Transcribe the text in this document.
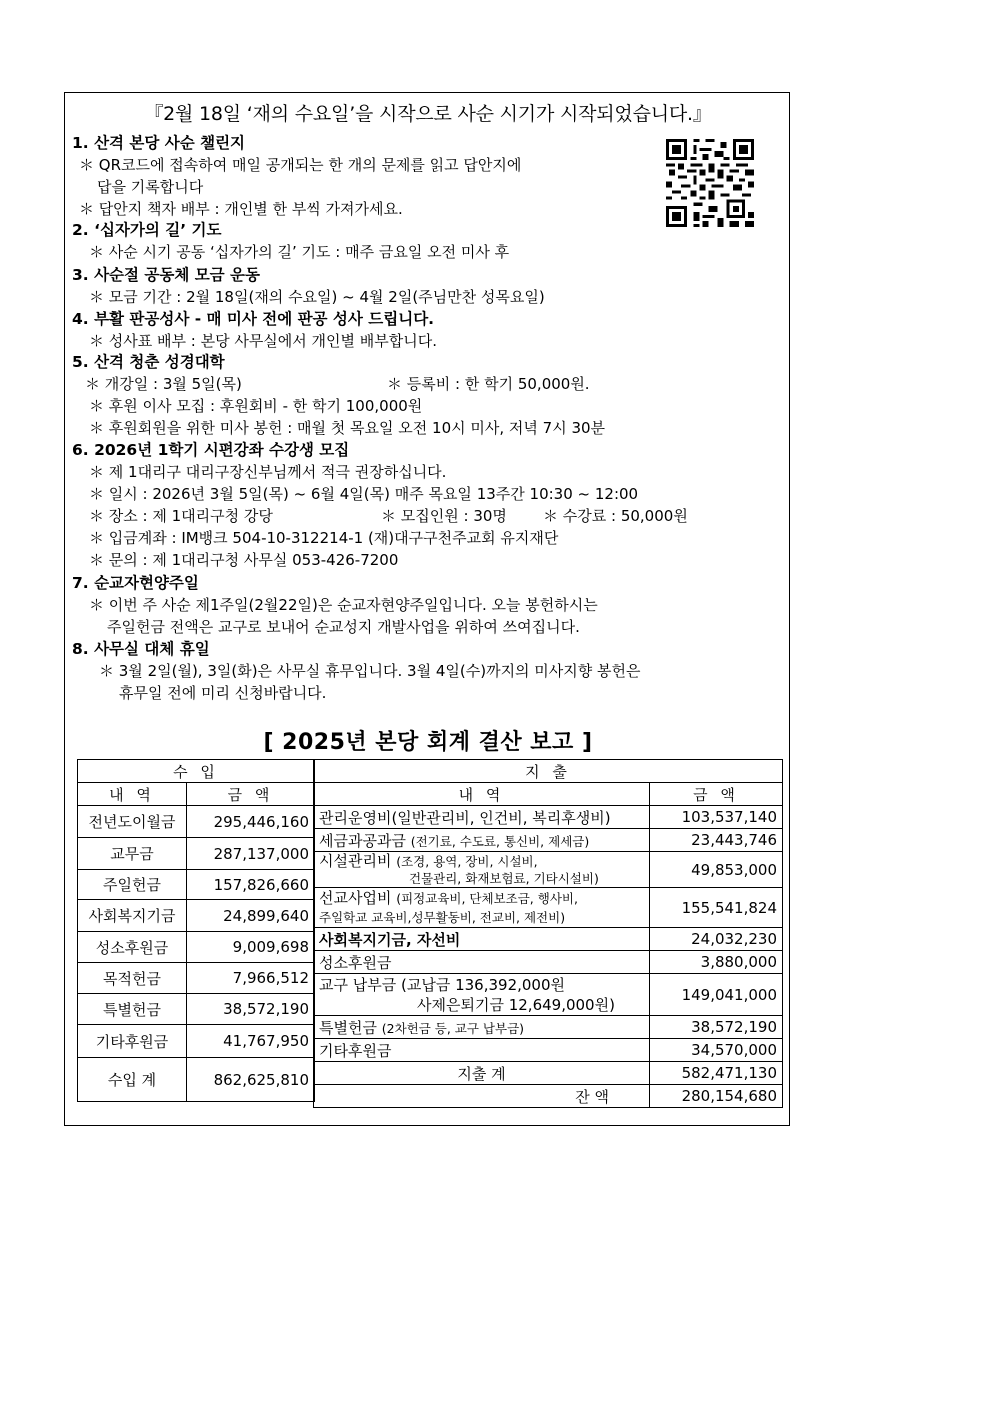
『2월 18일 ‘재의 수요일’을 시작으로 사순 시기가 시작되었습니다.』
1. 산격 본당 사순 챌린지
＊ QR코드에 접속하여 매일 공개되는 한 개의 문제를 읽고 답안지에
답을 기록합니다
＊ 답안지 책자 배부 : 개인별 한 부씩 가져가세요.
2. ‘십자가의 길’ 기도
＊ 사순 시기 공동 ‘십자가의 길’ 기도 : 매주 금요일 오전 미사 후
3. 사순절 공동체 모금 운동
＊ 모금 기간 : 2월 18일(재의 수요일) ~ 4월 2일(주님만찬 성목요일)
4. 부활 판공성사 - 매 미사 전에 판공 성사 드립니다.
＊ 성사표 배부 : 본당 사무실에서 개인별 배부합니다.
5. 산격 청춘 성경대학
＊ 개강일 : 3월 5일(목)	＊ 등록비 : 한 학기 50,000원.
＊ 후원 이사 모집 : 후원회비 - 한 학기 100,000원
＊ 후원회원을 위한 미사 봉헌 : 매월 첫 목요일 오전 10시 미사, 저녁 7시 30분
6. 2026년 1학기 시편강좌 수강생 모집
＊ 제 1대리구 대리구장신부님께서 적극 권장하십니다.
＊ 일시 : 2026년 3월 5일(목) ~ 6월 4일(목) 매주 목요일 13주간 10:30 ~ 12:00
＊ 장소 : 제 1대리구청 강당	＊ 모집인원 : 30명 ＊ 수강료 : 50,000원
＊ 입금계좌 : IM뱅크 504-10-312214-1 (재)대구구천주교회 유지재단
＊ 문의 : 제 1대리구청 사무실 053-426-7200
7. 순교자현양주일
＊ 이번 주 사순 제1주일(2월22일)은 순교자현양주일입니다. 오늘 봉헌하시는
주일헌금 전액은 교구로 보내어 순교성지 개발사업을 위하여 쓰여집니다.
8. 사무실 대체 휴일
＊ 3월 2일(월), 3일(화)은 사무실 휴무입니다. 3월 4일(수)까지의 미사지향 봉헌은
휴무일 전에 미리 신청바랍니다.
[ 2025년 본당 회계 결산 보고 ]
수 입	
내 역	금 액
전년도이월금	295,446,160
교무금	287,137,000
주일헌금	157,826,660
사회복지기금	24,899,640
성소후원금	9,009,698
목적헌금	7,966,512
특별헌금	38,572,190
기타후원금	41,767,950
수입 계	862,625,810
지 출	
내 역	금 액
관리운영비(일반관리비, 인건비, 복리후생비)	103,537,140
세금과공과금 (전기료, 수도료, 통신비, 제세금)	23,443,746
시설관리비 (조경, 용역, 장비, 시설비,
건물관리, 화재보험료, 기타시설비)	49,853,000
선교사업비 (피정교육비, 단체보조금, 행사비,
주일학교 교육비,성무활동비, 전교비, 제전비)	155,541,824
사회복지기금, 자선비	24,032,230
성소후원금	3,880,000
교구 납부금 (교납금 136,392,000원
사제은퇴기금 12,649,000원)	149,041,000
특별헌금 (2차헌금 등, 교구 납부금)	38,572,190
기타후원금	34,570,000
지출 계	582,471,130
잔 액	280,154,680
